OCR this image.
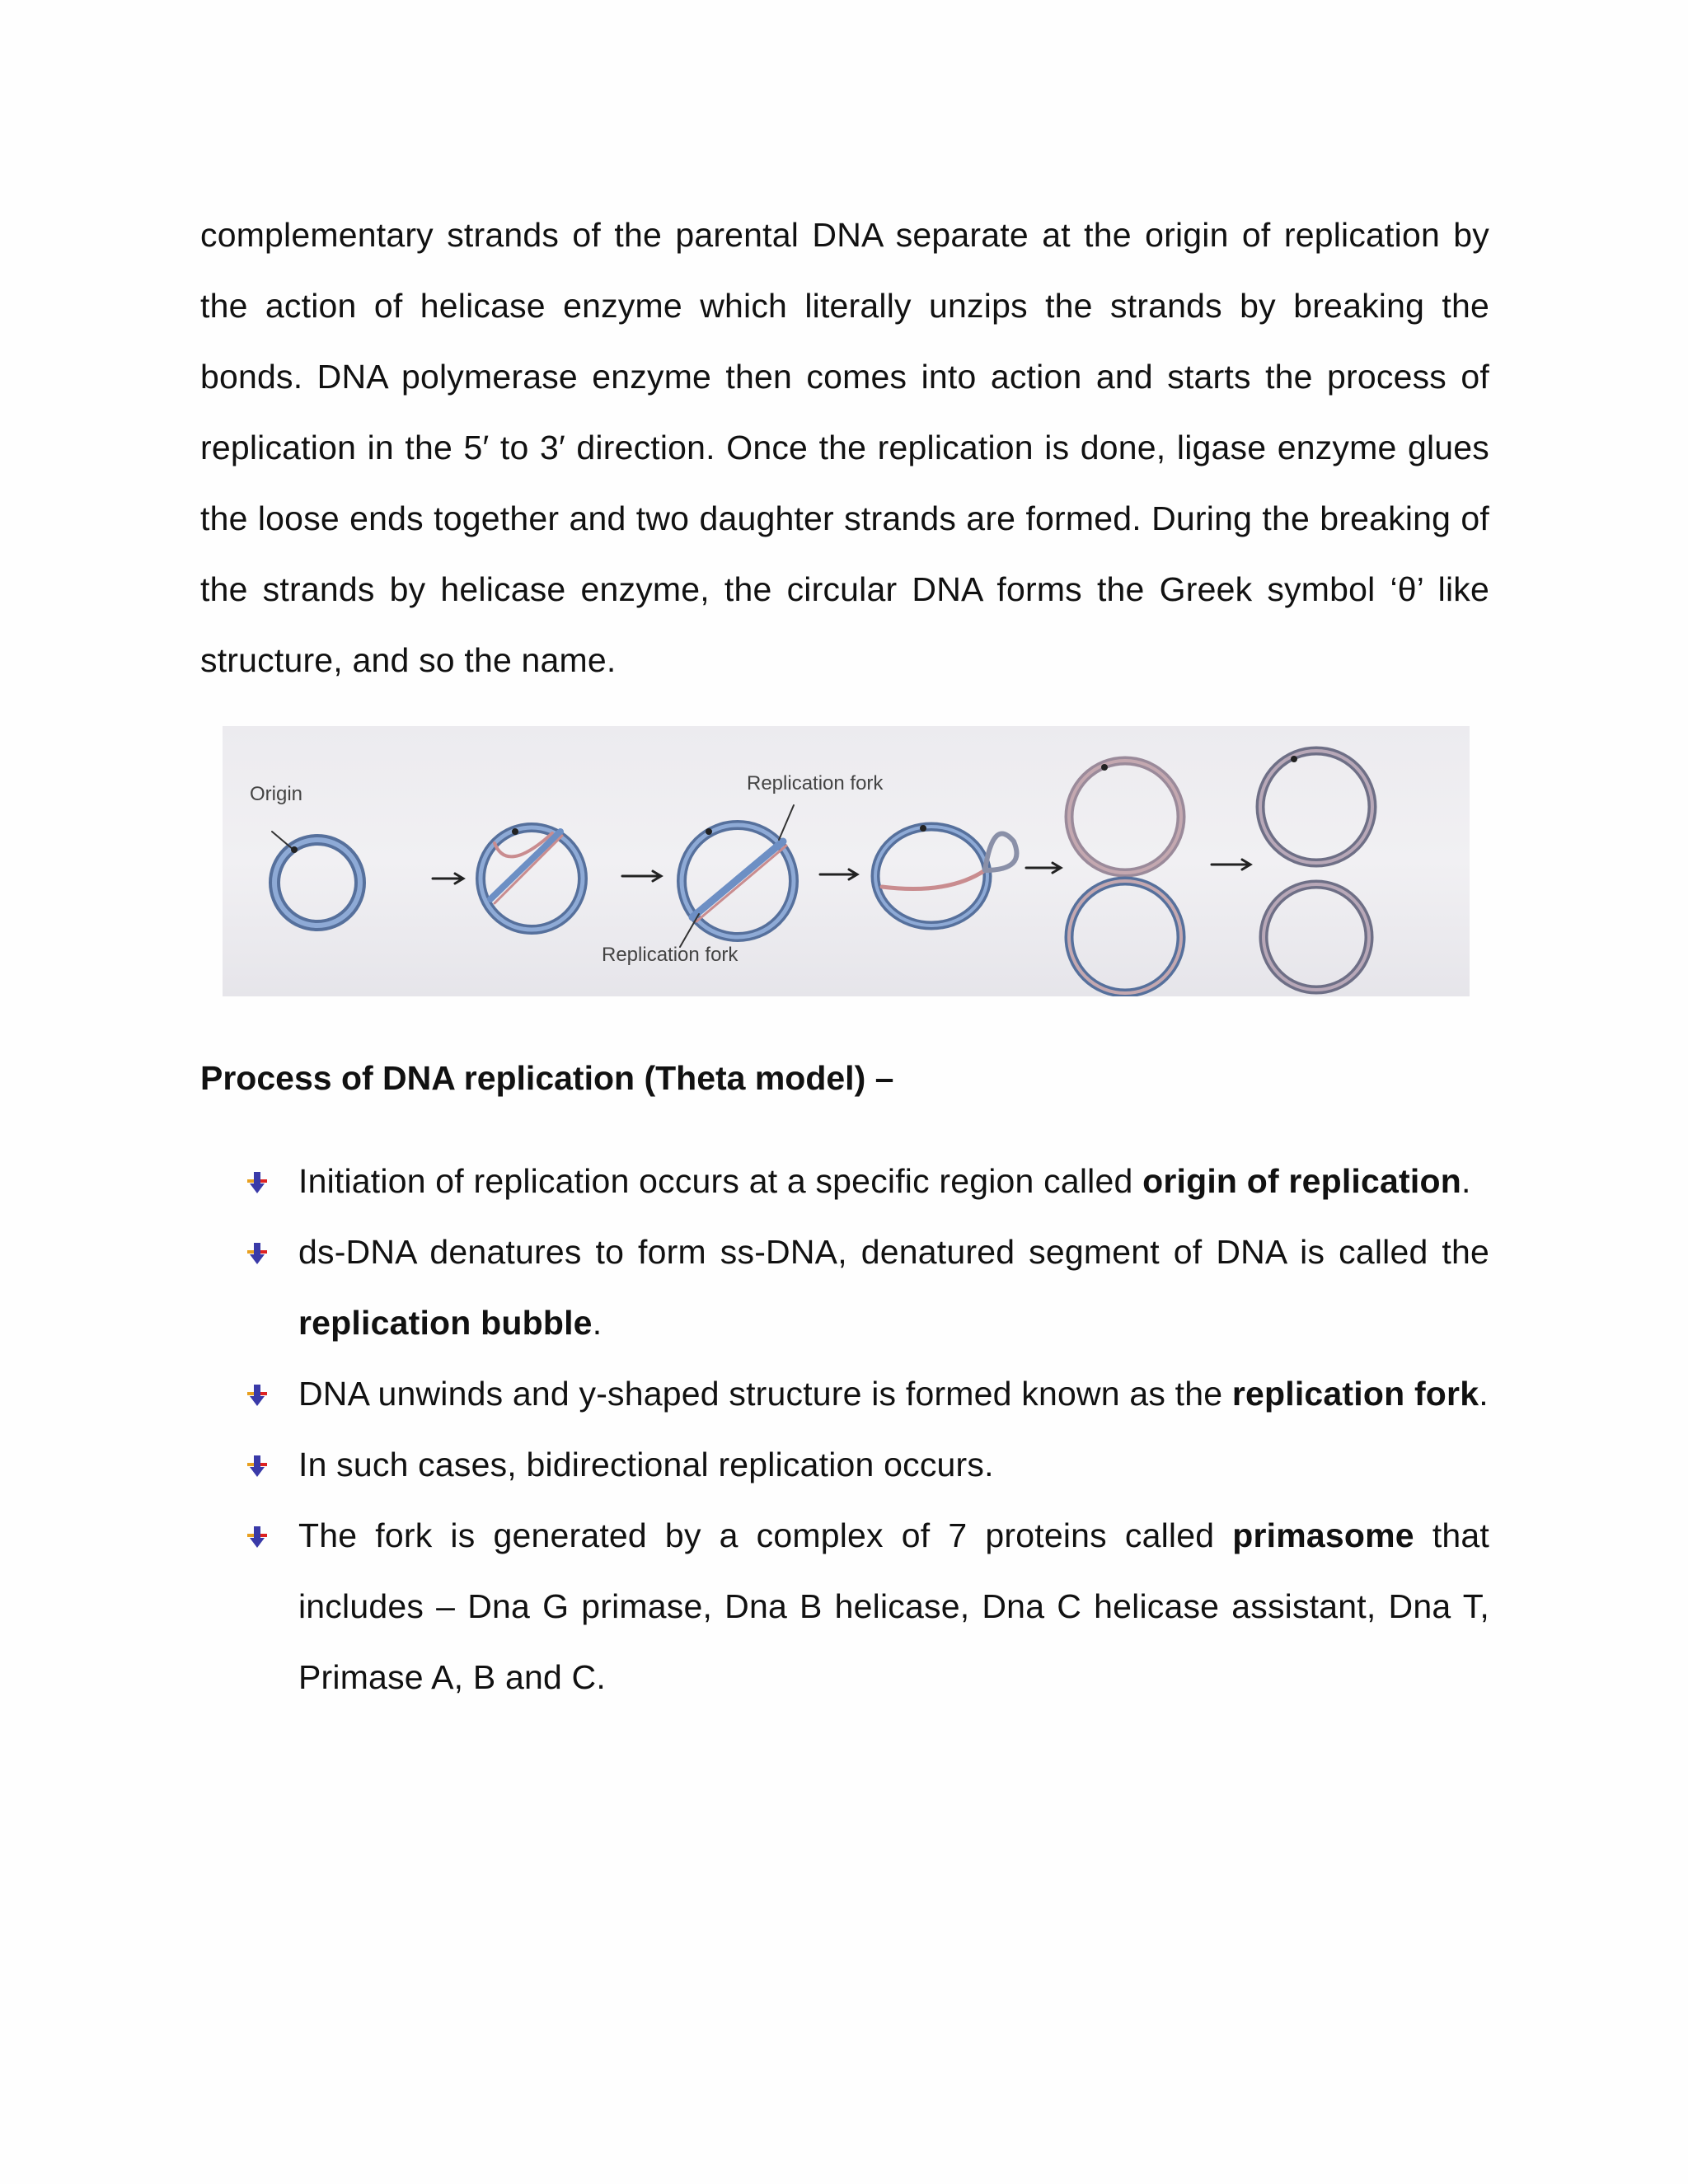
complementary strands of the parental DNA separate at the origin of replication by the action of helicase enzyme which literally unzips the strands by breaking the bonds. DNA polymerase enzyme then comes into action and starts the process of replication in the 5′ to 3′ direction. Once the replication is done, ligase enzyme glues the loose ends together and two daughter strands are formed. During the breaking of the strands by helicase enzyme, the circular DNA forms the Greek symbol ‘θ’ like structure, and so the name.

Origin	Replication fork
Replication fork
Process of DNA replication (Theta model) –
Initiation of replication occurs at a specific region called origin of replication.
ds-DNA denatures to form ss-DNA, denatured segment of DNA is called the replication bubble.
DNA unwinds and y-shaped structure is formed known as the replication fork.
In such cases, bidirectional replication occurs.
The fork is generated by a complex of 7 proteins called primasome that includes – Dna G primase, Dna B helicase, Dna C helicase assistant, Dna T, Primase A, B and C.
